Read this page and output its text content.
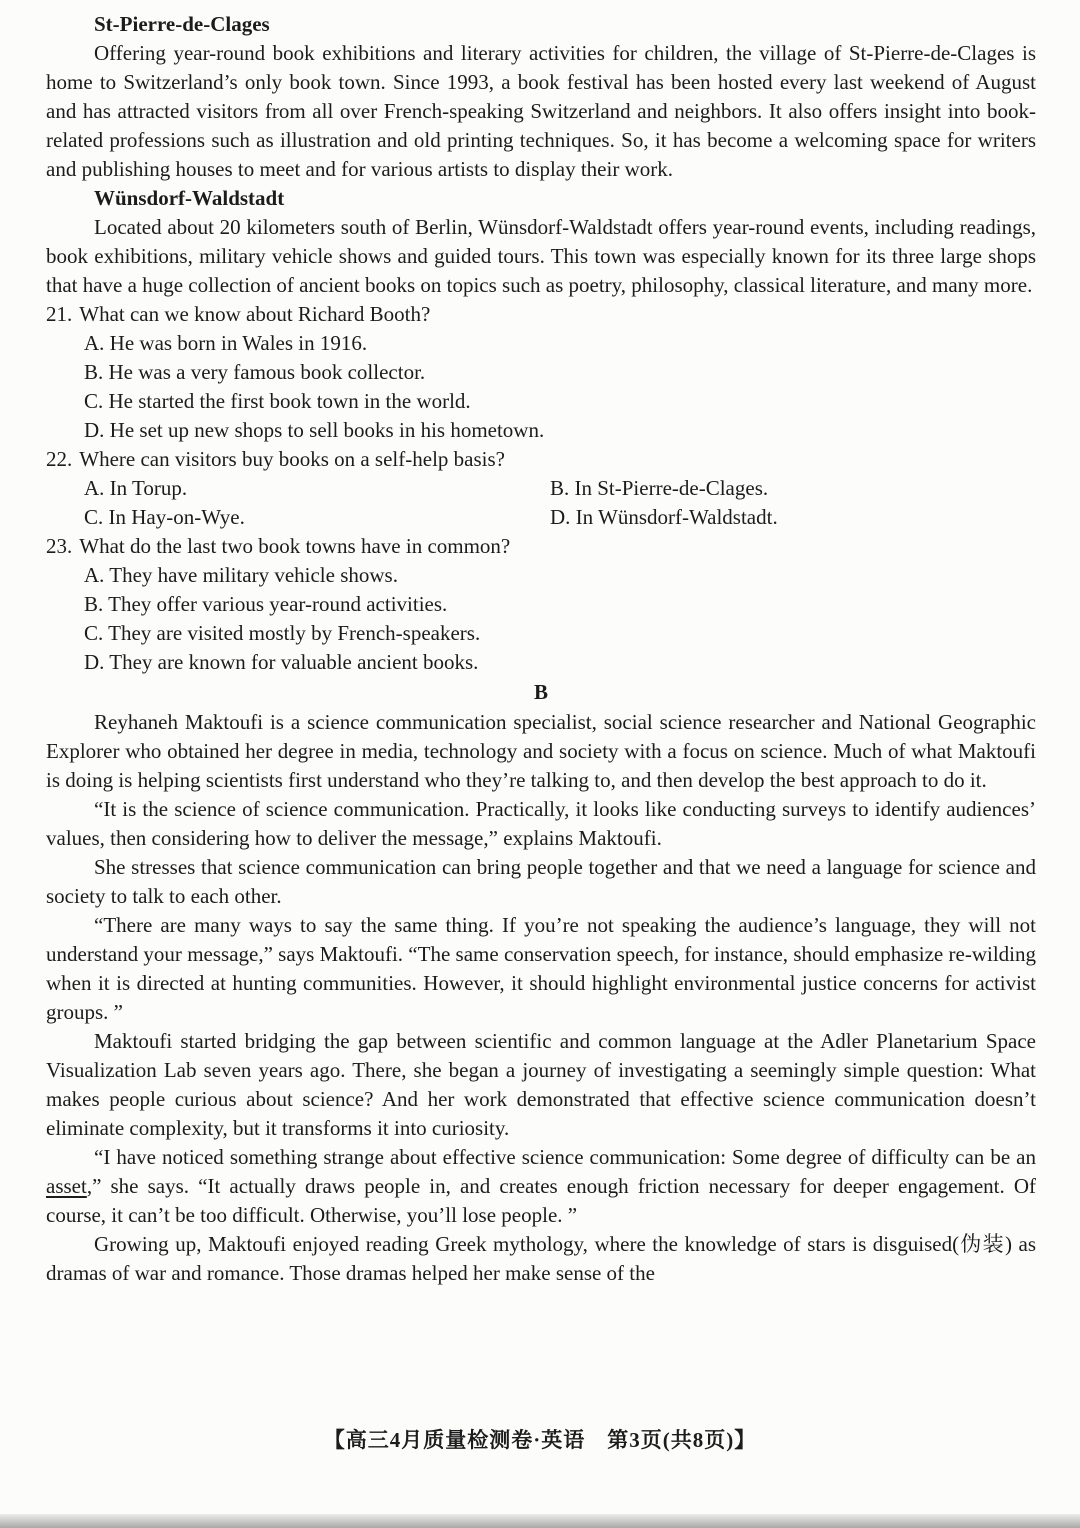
St-Pierre-de-Clages

Offering year-round book exhibitions and literary activities for children, the village of St-Pierre-de-Clages is home to Switzerland’s only book town. Since 1993, a book festival has been hosted every last weekend of August and has attracted visitors from all over French-speaking Switzerland and neighbors. It also offers insight into book-related professions such as illustration and old printing techniques. So, it has become a welcoming space for writers and publishing houses to meet and for various artists to display their work.

Wünsdorf-Waldstadt

Located about 20 kilometers south of Berlin, Wünsdorf-Waldstadt offers year-round events, including readings, book exhibitions, military vehicle shows and guided tours. This town was especially known for its three large shops that have a huge collection of ancient books on topics such as poetry, philosophy, classical literature, and many more.

21. What can we know about Richard Booth?

A. He was born in Wales in 1916.

B. He was a very famous book collector.

C. He started the first book town in the world.

D. He set up new shops to sell books in his hometown.

22. Where can visitors buy books on a self-help basis?

A. In Torup.	B. In St-Pierre-de-Clages.
C. In Hay-on-Wye.	D. In Wünsdorf-Waldstadt.

23. What do the last two book towns have in common?

A. They have military vehicle shows.

B. They offer various year-round activities.

C. They are visited mostly by French-speakers.

D. They are known for valuable ancient books.

B

Reyhaneh Maktoufi is a science communication specialist, social science researcher and National Geographic Explorer who obtained her degree in media, technology and society with a focus on science. Much of what Maktoufi is doing is helping scientists first understand who they’re talking to, and then develop the best approach to do it.

“It is the science of science communication. Practically, it looks like conducting surveys to identify audiences’ values, then considering how to deliver the message,” explains Maktoufi.

She stresses that science communication can bring people together and that we need a language for science and society to talk to each other.

“There are many ways to say the same thing. If you’re not speaking the audience’s language, they will not understand your message,” says Maktoufi. “The same conservation speech, for instance, should emphasize re-wilding when it is directed at hunting communities. However, it should highlight environmental justice concerns for activist groups. ”

Maktoufi started bridging the gap between scientific and common language at the Adler Planetarium Space Visualization Lab seven years ago. There, she began a journey of investigating a seemingly simple question: What makes people curious about science? And her work demonstrated that effective science communication doesn’t eliminate complexity, but it transforms it into curiosity.

“I have noticed something strange about effective science communication: Some degree of difficulty can be an asset,” she says. “It actually draws people in, and creates enough friction necessary for deeper engagement. Of course, it can’t be too difficult. Otherwise, you’ll lose people. ”

Growing up, Maktoufi enjoyed reading Greek mythology, where the knowledge of stars is disguised(伪装) as dramas of war and romance. Those dramas helped her make sense of the

【高三4月质量检测卷·英语　第3页(共8页)】
